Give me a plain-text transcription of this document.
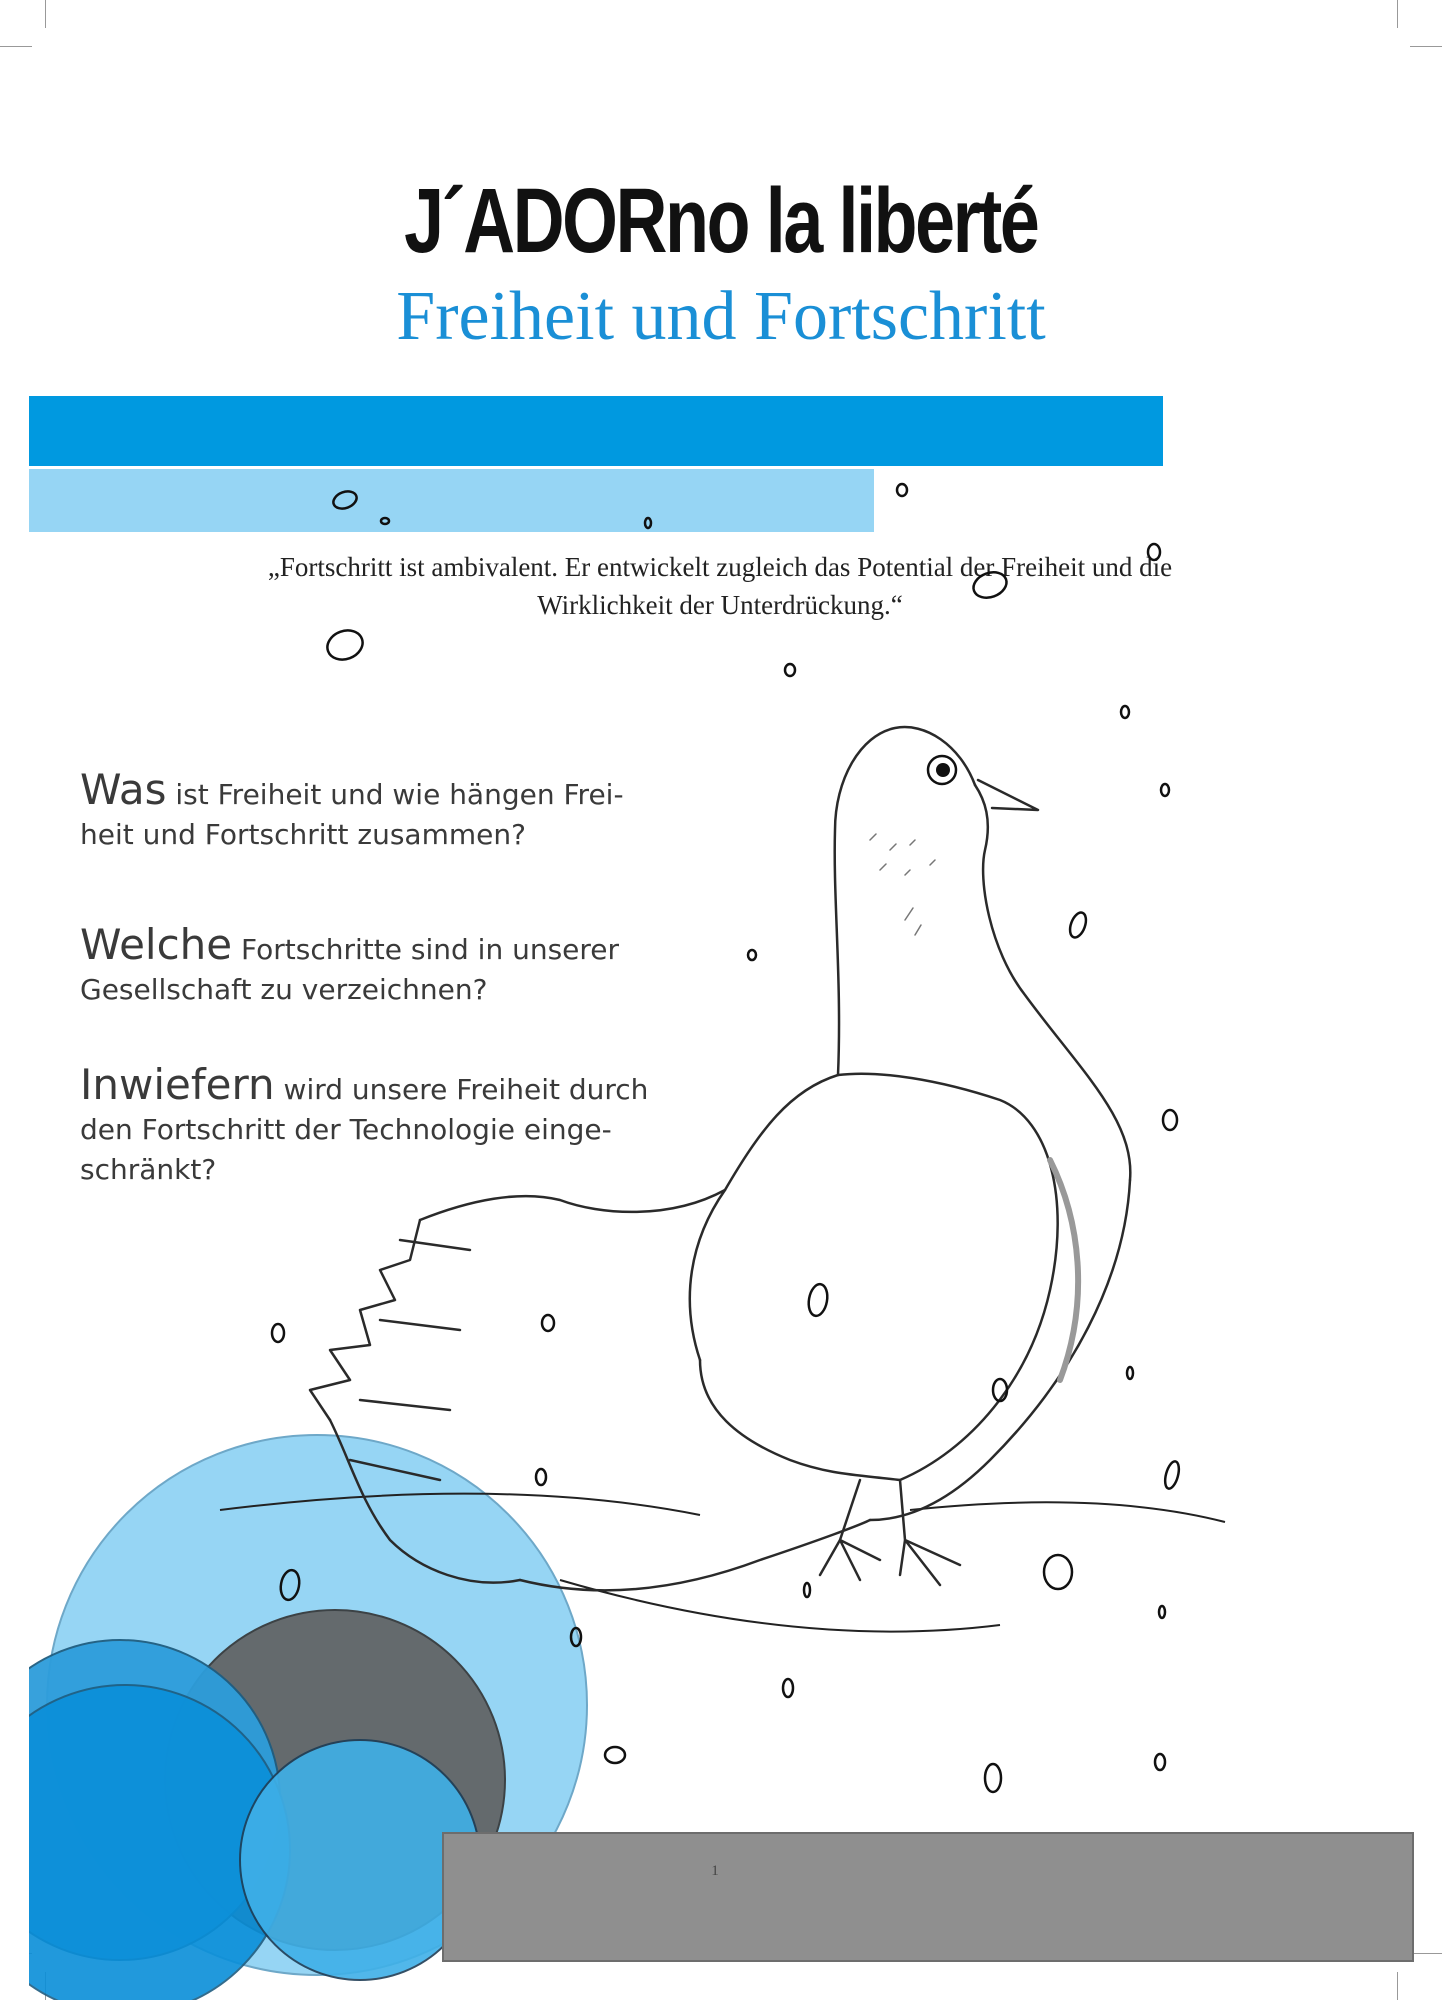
J´ADORno la liberté
Freiheit und Fortschritt
„Fortschritt ist ambivalent. Er entwickelt zugleich das Potential der Freiheit und die
Wirklichkeit der Unterdrückung.“
Was ist Freiheit und wie hängen Frei-
heit und Fortschritt zusammen?
Welche Fortschritte sind in unserer
Gesellschaft zu verzeichnen?
Inwiefern wird unsere Freiheit durch
den Fortschritt der Technologie einge-
schränkt?
1
